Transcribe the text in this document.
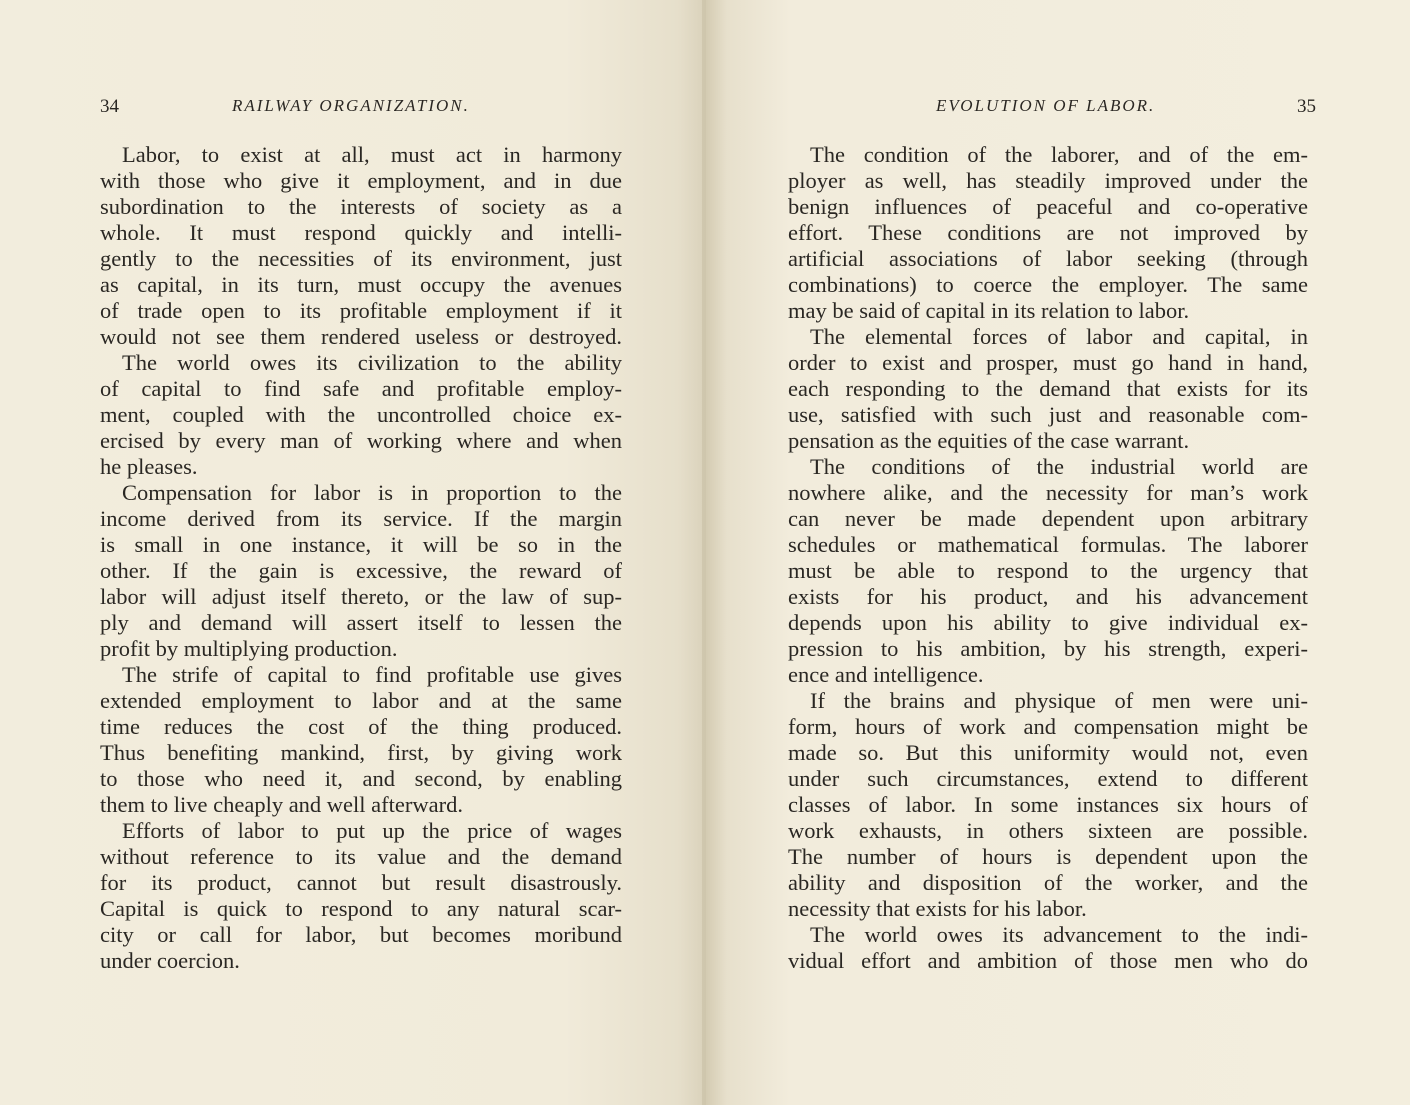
34	RAILWAY ORGANIZATION.
Labor, to exist at all, must act in harmony
with those who give it employment, and in due
subordination to the interests of society as a
whole. It must respond quickly and intelli-
gently to the necessities of its environment, just
as capital, in its turn, must occupy the avenues
of trade open to its profitable employment if it
would not see them rendered useless or destroyed.
The world owes its civilization to the ability
of capital to find safe and profitable employ-
ment, coupled with the uncontrolled choice ex-
ercised by every man of working where and when
he pleases.
Compensation for labor is in proportion to the
income derived from its service. If the margin
is small in one instance, it will be so in the
other. If the gain is excessive, the reward of
labor will adjust itself thereto, or the law of sup-
ply and demand will assert itself to lessen the
profit by multiplying production.
The strife of capital to find profitable use gives
extended employment to labor and at the same
time reduces the cost of the thing produced.
Thus benefiting mankind, first, by giving work
to those who need it, and second, by enabling
them to live cheaply and well afterward.
Efforts of labor to put up the price of wages
without reference to its value and the demand
for its product, cannot but result disastrously.
Capital is quick to respond to any natural scar-
city or call for labor, but becomes moribund
under coercion.
EVOLUTION OF LABOR.	35
The condition of the laborer, and of the em-
ployer as well, has steadily improved under the
benign influences of peaceful and co-operative
effort. These conditions are not improved by
artificial associations of labor seeking (through
combinations) to coerce the employer. The same
may be said of capital in its relation to labor.
The elemental forces of labor and capital, in
order to exist and prosper, must go hand in hand,
each responding to the demand that exists for its
use, satisfied with such just and reasonable com-
pensation as the equities of the case warrant.
The conditions of the industrial world are
nowhere alike, and the necessity for man’s work
can never be made dependent upon arbitrary
schedules or mathematical formulas. The laborer
must be able to respond to the urgency that
exists for his product, and his advancement
depends upon his ability to give individual ex-
pression to his ambition, by his strength, experi-
ence and intelligence.
If the brains and physique of men were uni-
form, hours of work and compensation might be
made so. But this uniformity would not, even
under such circumstances, extend to different
classes of labor. In some instances six hours of
work exhausts, in others sixteen are possible.
The number of hours is dependent upon the
ability and disposition of the worker, and the
necessity that exists for his labor.
The world owes its advancement to the indi-
vidual effort and ambition of those men who do
